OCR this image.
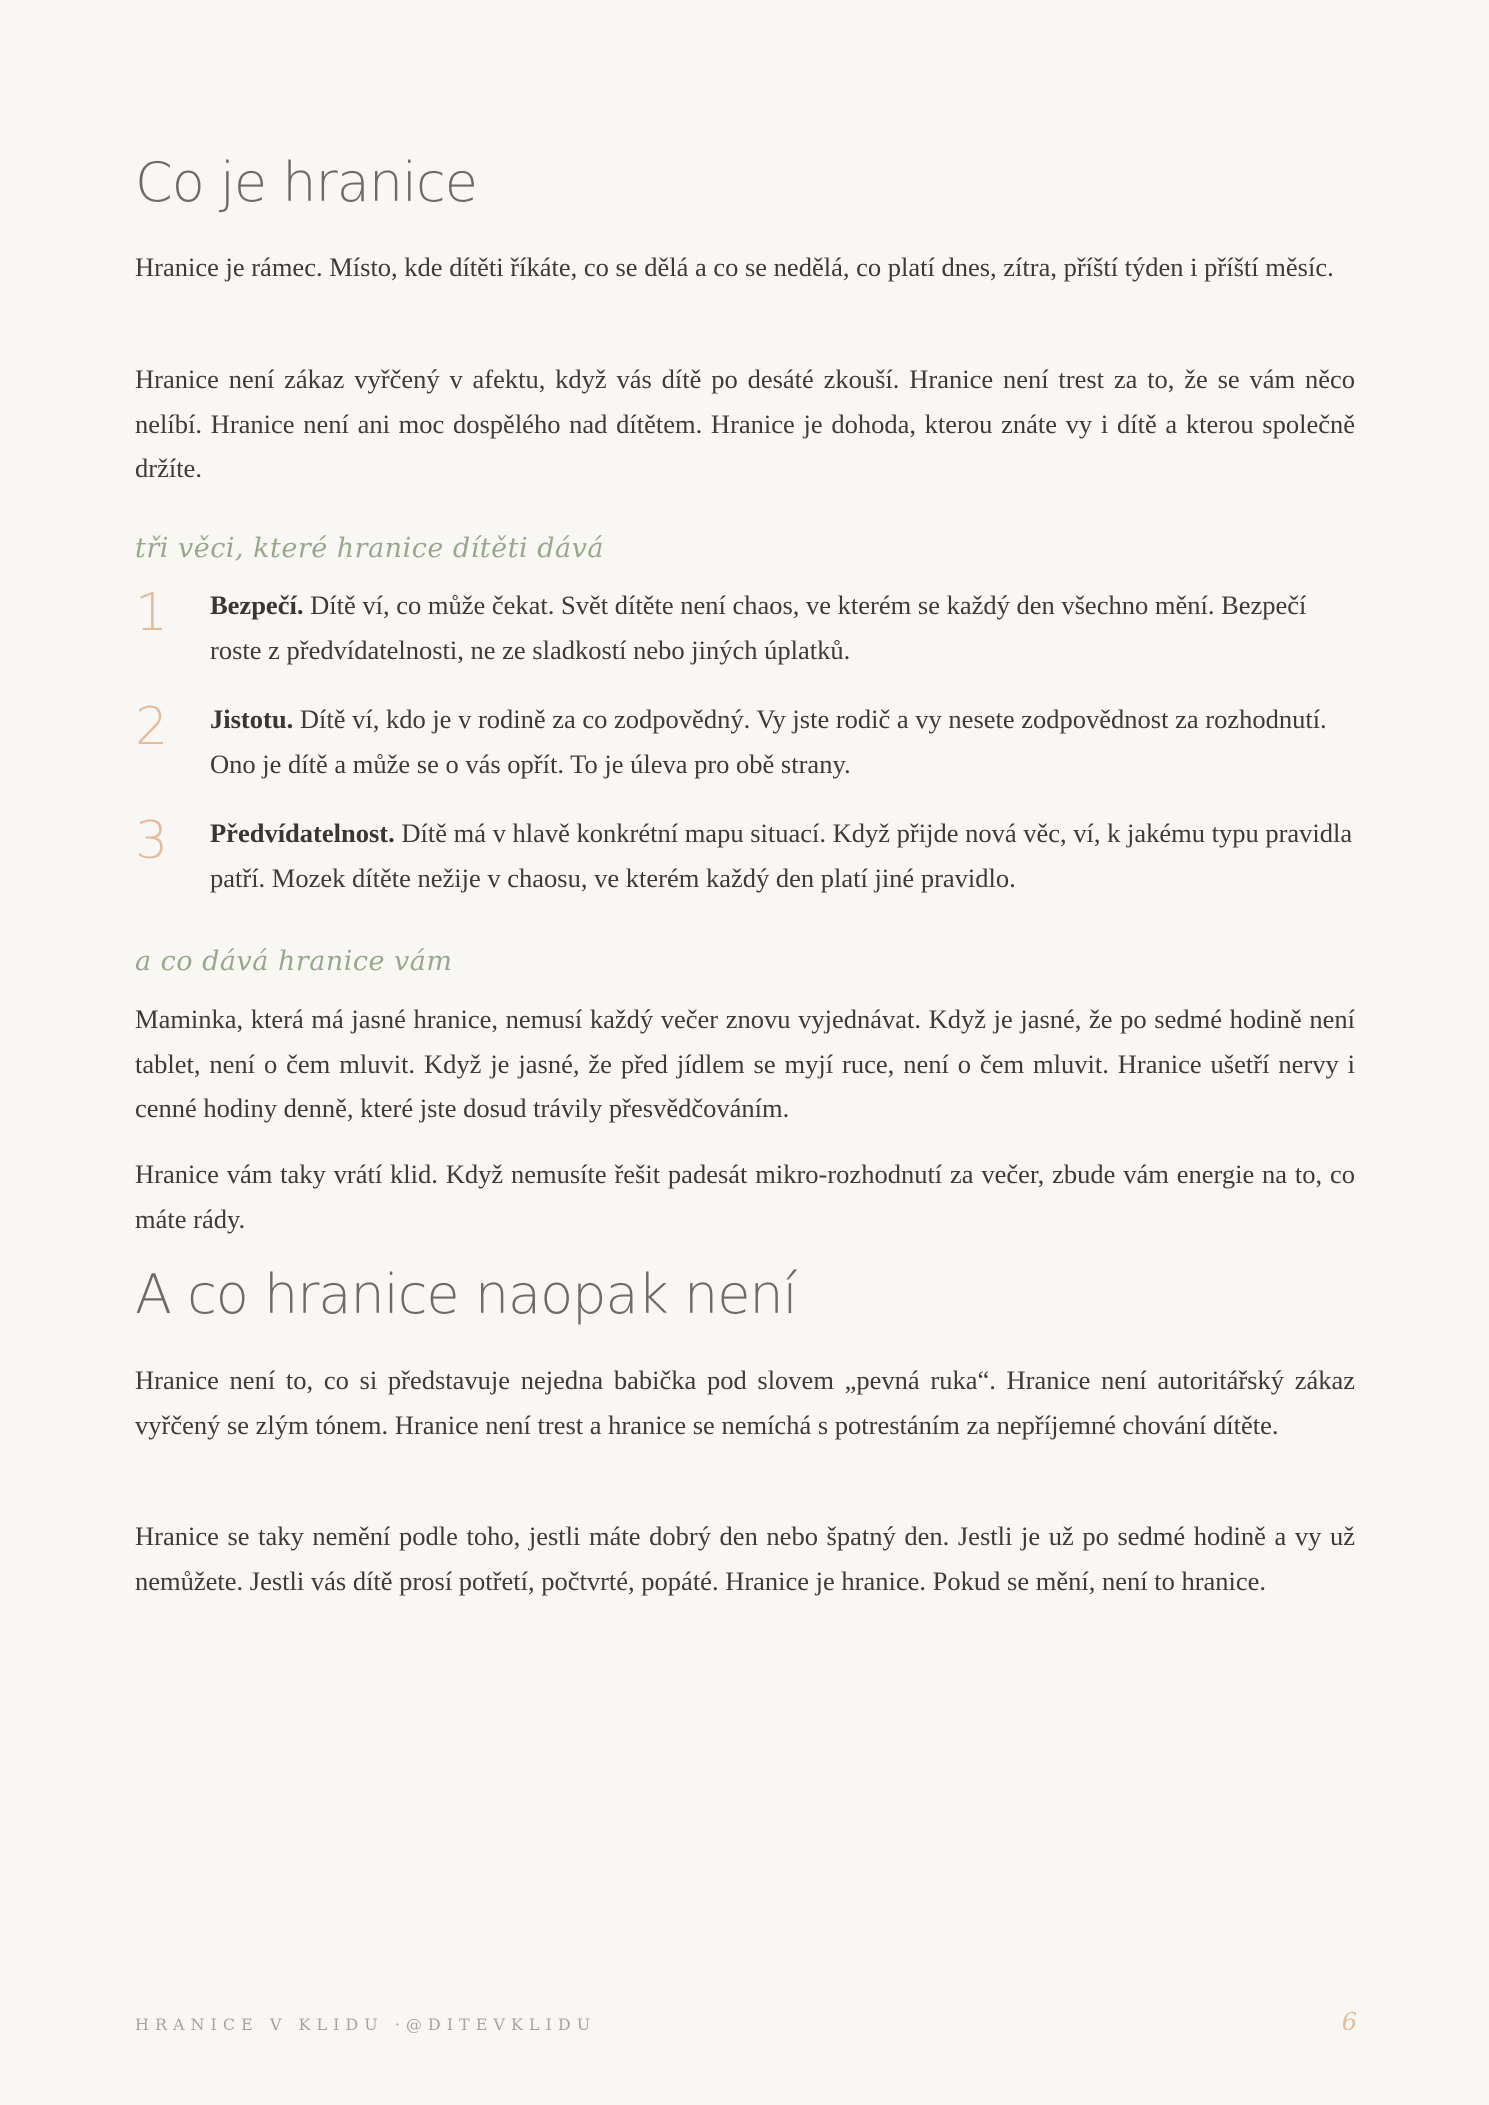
Co je hranice

Hranice je rámec. Místo, kde dítěti říkáte, co se dělá a co se nedělá, co platí dnes, zítra, příští týden i příští měsíc.

Hranice není zákaz vyřčený v afektu, když vás dítě po desáté zkouší. Hranice není trest za to, že se vám něco nelíbí. Hranice není ani moc dospělého nad dítětem. Hranice je dohoda, kterou znáte vy i dítě a kterou společně držíte.

tři věci, které hranice dítěti dává
1 Bezpečí. Dítě ví, co může čekat. Svět dítěte není chaos, ve kterém se každý den všechno mění. Bezpečí roste z předvídatelnosti, ne ze sladkostí nebo jiných úplatků.
2 Jistotu. Dítě ví, kdo je v rodině za co zodpovědný. Vy jste rodič a vy nesete zodpovědnost za rozhodnutí. Ono je dítě a může se o vás opřít. To je úleva pro obě strany.
3 Předvídatelnost. Dítě má v hlavě konkrétní mapu situací. Když přijde nová věc, ví, k jakému typu pravidla patří. Mozek dítěte nežije v chaosu, ve kterém každý den platí jiné pravidlo.
a co dává hranice vám

Maminka, která má jasné hranice, nemusí každý večer znovu vyjednávat. Když je jasné, že po sedmé hodině není tablet, není o čem mluvit. Když je jasné, že před jídlem se myjí ruce, není o čem mluvit. Hranice ušetří nervy i cenné hodiny denně, které jste dosud trávily přesvědčováním.

Hranice vám taky vrátí klid. Když nemusíte řešit padesát mikro-rozhodnutí za večer, zbude vám energie na to, co máte rády.

A co hranice naopak není

Hranice není to, co si představuje nejedna babička pod slovem „pevná ruka“. Hranice není autoritářský zákaz vyřčený se zlým tónem. Hranice není trest a hranice se nemíchá s potrestáním za nepříjemné chování dítěte.

Hranice se taky nemění podle toho, jestli máte dobrý den nebo špatný den. Jestli je už po sedmé hodině a vy už nemůžete. Jestli vás dítě prosí potřetí, počtvrté, popáté. Hranice je hranice. Pokud se mění, není to hranice.

HRANICE V KLIDU ·@DITEVKLIDU	6
